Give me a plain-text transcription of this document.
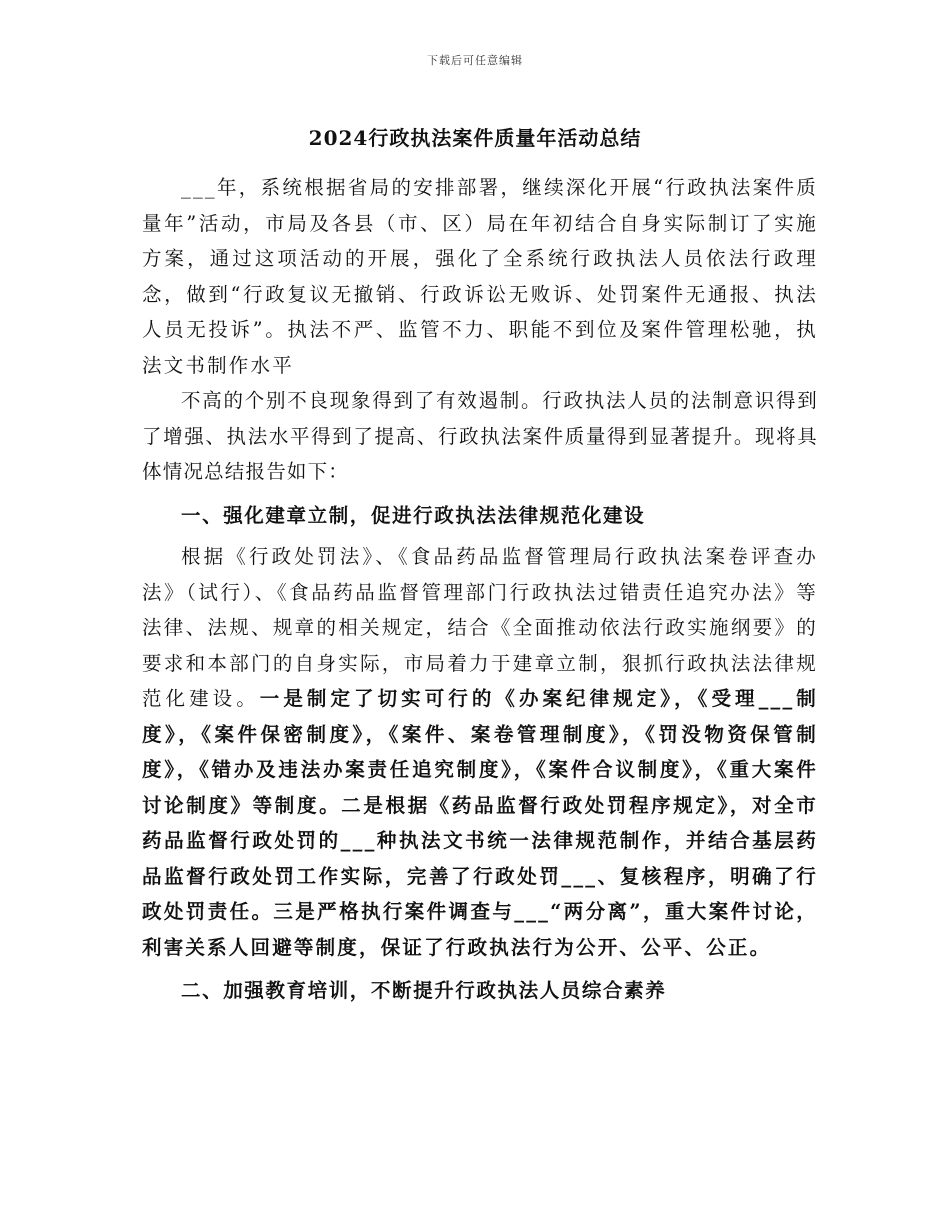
下载后可任意编辑
2024行政执法案件质量年活动总结

___年，系统根据省局的安排部署，继续深化开展“行政执法案件质量年”活动，市局及各县（市、区）局在年初结合自身实际制订了实施方案，通过这项活动的开展，强化了全系统行政执法人员依法行政理念，做到“行政复议无撤销、行政诉讼无败诉、处罚案件无通报、执法人员无投诉”。执法不严、监管不力、职能不到位及案件管理松驰，执法文书制作水平

不高的个别不良现象得到了有效遏制。行政执法人员的法制意识得到了增强、执法水平得到了提高、行政执法案件质量得到显著提升。现将具体情况总结报告如下：

一、强化建章立制，促进行政执法法律规范化建设

根据《行政处罚法》、《食品药品监督管理局行政执法案卷评查办法》（试行）、《食品药品监督管理部门行政执法过错责任追究办法》等法律、法规、规章的相关规定，结合《全面推动依法行政实施纲要》的要求和本部门的自身实际，市局着力于建章立制，狠抓行政执法法律规范化建设。一是制定了切实可行的《办案纪律规定》，《受理___制度》，《案件保密制度》，《案件、案卷管理制度》，《罚没物资保管制度》，《错办及违法办案责任追究制度》，《案件合议制度》，《重大案件讨论制度》等制度。二是根据《药品监督行政处罚程序规定》，对全市药品监督行政处罚的___种执法文书统一法律规范制作，并结合基层药品监督行政处罚工作实际，完善了行政处罚___、复核程序，明确了行政处罚责任。三是严格执行案件调查与___“两分离”，重大案件讨论，利害关系人回避等制度，保证了行政执法行为公开、公平、公正。

二、加强教育培训，不断提升行政执法人员综合素养
